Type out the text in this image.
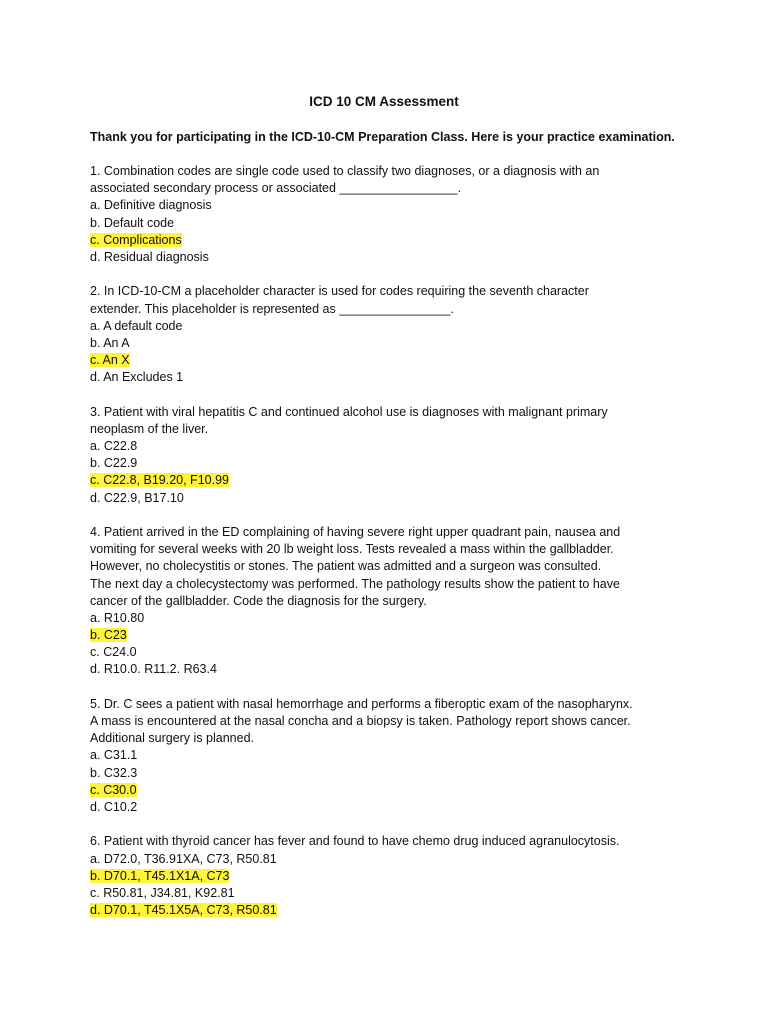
ICD 10 CM Assessment
Thank you for participating in the ICD-10-CM Preparation Class. Here is your practice examination.
1. Combination codes are single code used to classify two diagnoses, or a diagnosis with an
associated secondary process or associated _________________.
a. Definitive diagnosis
b. Default code
c. Complications
d. Residual diagnosis
2. In ICD-10-CM a placeholder character is used for codes requiring the seventh character
extender. This placeholder is represented as ________________.
a. A default code
b. An A
c. An X
d. An Excludes 1
3. Patient with viral hepatitis C and continued alcohol use is diagnoses with malignant primary
neoplasm of the liver.
a. C22.8
b. C22.9
c. C22.8, B19.20, F10.99
d. C22.9, B17.10
4. Patient arrived in the ED complaining of having severe right upper quadrant pain, nausea and
vomiting for several weeks with 20 lb weight loss. Tests revealed a mass within the gallbladder.
However, no cholecystitis or stones. The patient was admitted and a surgeon was consulted.
The next day a cholecystectomy was performed. The pathology results show the patient to have
cancer of the gallbladder. Code the diagnosis for the surgery.
a. R10.80
b. C23
c. C24.0
d. R10.0. R11.2. R63.4
5. Dr. C sees a patient with nasal hemorrhage and performs a fiberoptic exam of the nasopharynx.
A mass is encountered at the nasal concha and a biopsy is taken. Pathology report shows cancer.
Additional surgery is planned.
a. C31.1
b. C32.3
c. C30.0
d. C10.2
6. Patient with thyroid cancer has fever and found to have chemo drug induced agranulocytosis.
a. D72.0, T36.91XA, C73, R50.81
b. D70.1, T45.1X1A, C73
c. R50.81, J34.81, K92.81
d. D70.1, T45.1X5A, C73, R50.81
